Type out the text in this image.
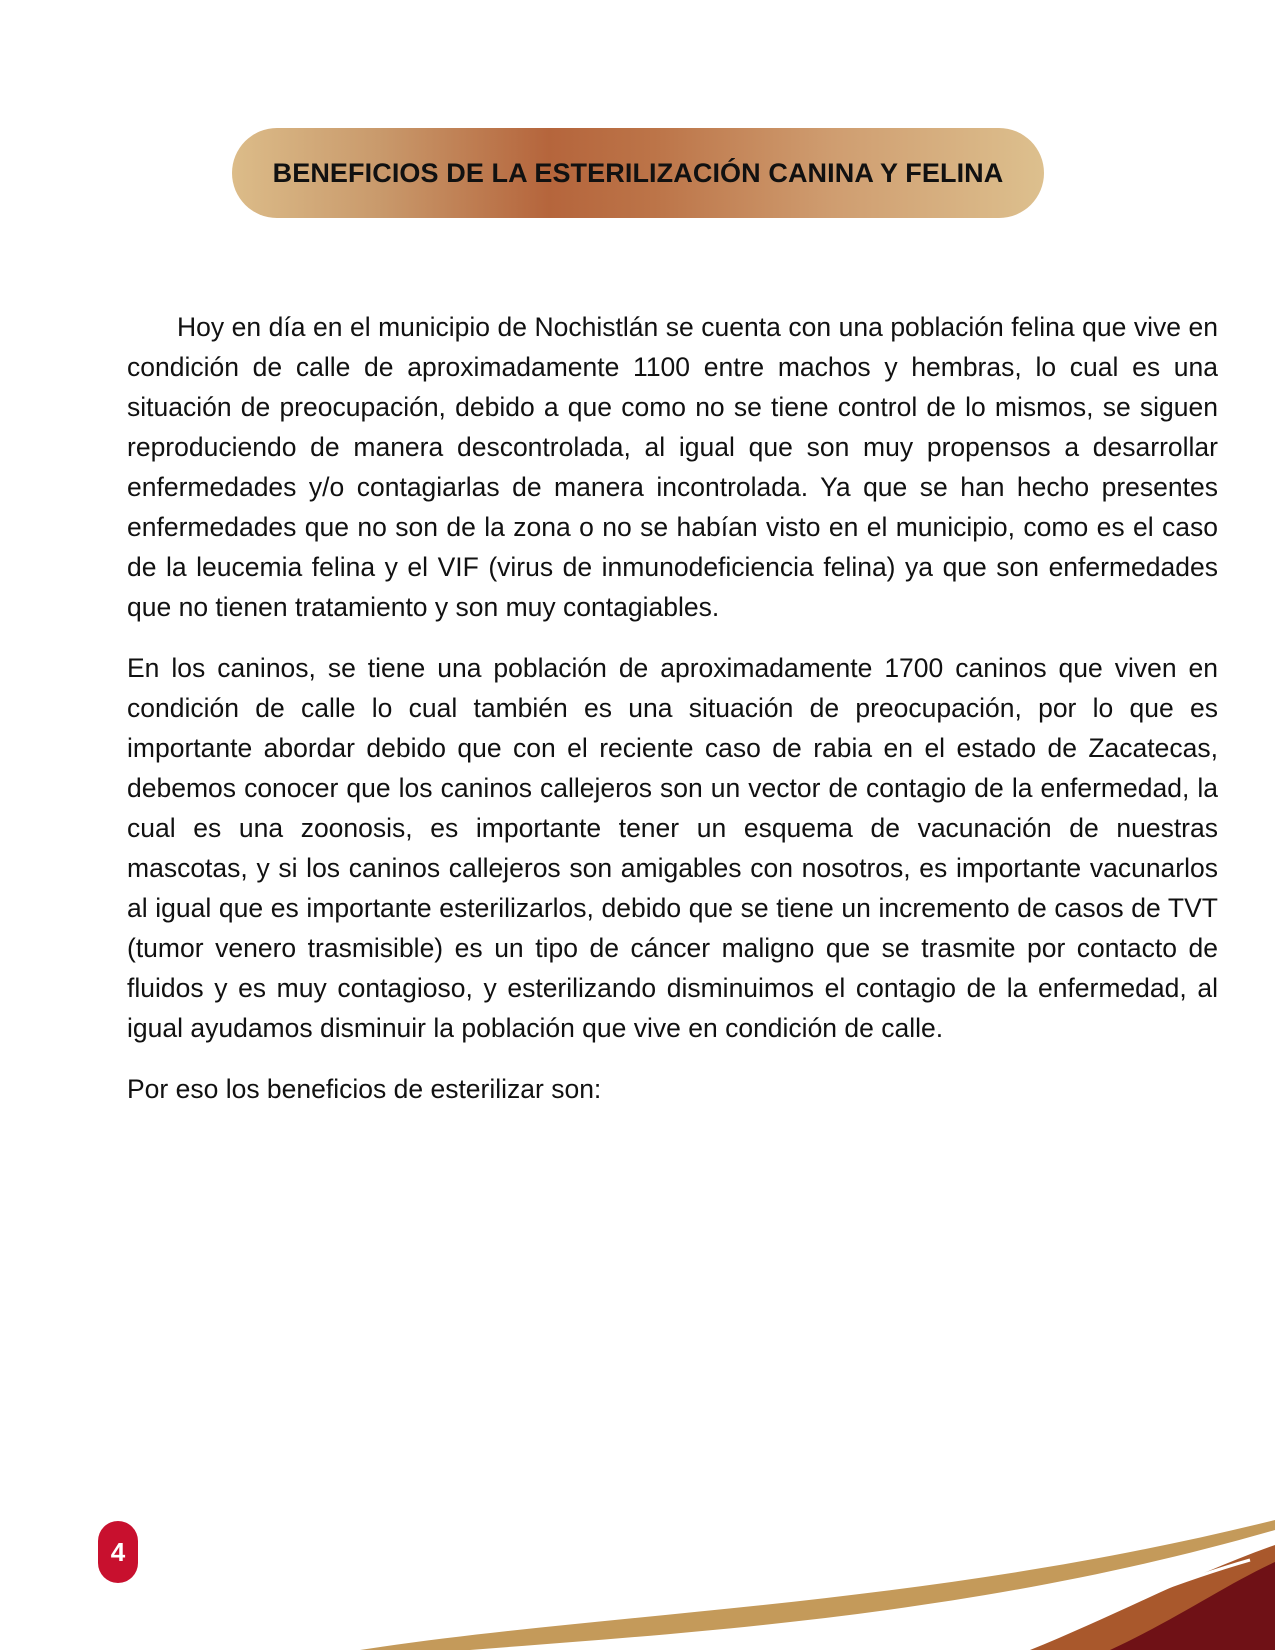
BENEFICIOS DE LA ESTERILIZACIÓN CANINA Y FELINA

Hoy en día en el municipio de Nochistlán se cuenta con una población felina que vive en condición de calle de aproximadamente 1100 entre machos y hembras, lo cual es una situación de preocupación, debido a que como no se tiene control de lo mismos, se siguen reproduciendo de manera descontrolada, al igual que son muy propensos a desarrollar enfermedades y/o contagiarlas de manera incontrolada. Ya que se han hecho presentes enfermedades que no son de la zona o no se habían visto en el municipio, como es el caso de la leucemia felina y el VIF (virus de inmunodeficiencia felina) ya que son enfermedades que no tienen tratamiento y son muy contagiables.

En los caninos, se tiene una población de aproximadamente 1700 caninos que viven en condición de calle lo cual también es una situación de preocupación, por lo que es importante abordar debido que con el reciente caso de rabia en el estado de Zacatecas, debemos conocer que los caninos callejeros son un vector de contagio de la enfermedad, la cual es una zoonosis, es importante tener un esquema de vacunación de nuestras mascotas, y si los caninos callejeros son amigables con nosotros, es importante vacunarlos al igual que es importante esterilizarlos, debido que se tiene un incremento de casos de TVT (tumor venero trasmisible) es un tipo de cáncer maligno que se trasmite por contacto de fluidos y es muy contagioso, y esterilizando disminuimos el contagio de la enfermedad, al igual ayudamos disminuir la población que vive en condición de calle.

Por eso los beneficios de esterilizar son:

4
